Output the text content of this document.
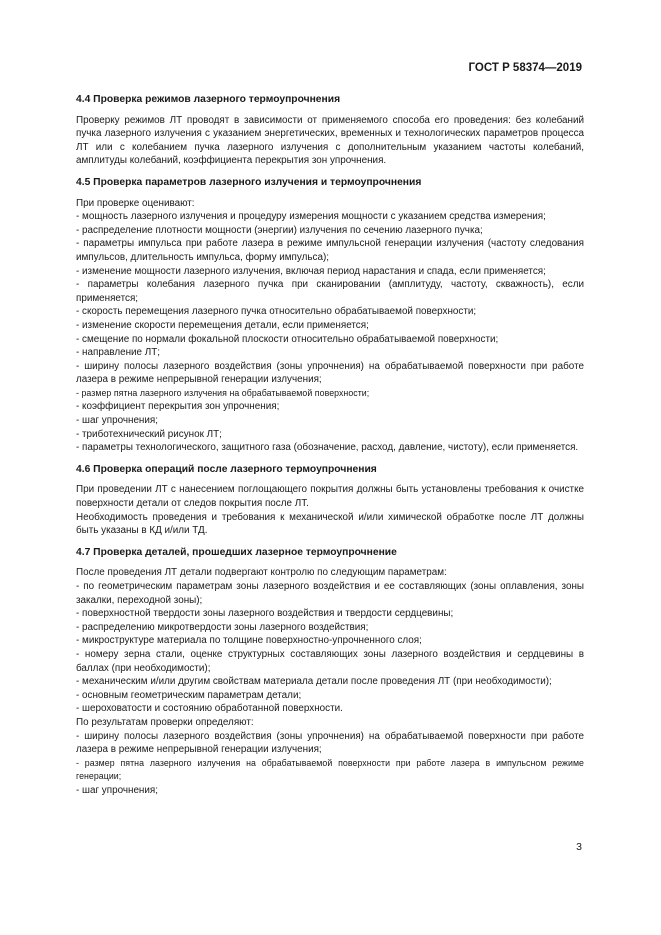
ГОСТ Р 58374—2019
4.4 Проверка режимов лазерного термоупрочнения

Проверку режимов ЛТ проводят в зависимости от применяемого способа его проведения: без колебаний пучка лазерного излучения с указанием энергетических, временных и технологических параметров процесса ЛТ или с колебанием пучка лазерного излучения с дополнительным указанием частоты колебаний, амплитуды колебаний, коэффициента перекрытия зон упрочнения.

4.5 Проверка параметров лазерного излучения и термоупрочнения

При проверке оценивают:

- мощность лазерного излучения и процедуру измерения мощности с указанием средства измерения;

- распределение плотности мощности (энергии) излучения по сечению лазерного пучка;

- параметры импульса при работе лазера в режиме импульсной генерации излучения (частоту следования импульсов, длительность импульса, форму импульса);

- изменение мощности лазерного излучения, включая период нарастания и спада, если применяется;

- параметры колебания лазерного пучка при сканировании (амплитуду, частоту, скважность), если применяется;

- скорость перемещения лазерного пучка относительно обрабатываемой поверхности;

- изменение скорости перемещения детали, если применяется;

- смещение по нормали фокальной плоскости относительно обрабатываемой поверхности;

- направление ЛТ;

- ширину полосы лазерного воздействия (зоны упрочнения) на обрабатываемой поверхности при работе лазера в режиме непрерывной генерации излучения;

- размер пятна лазерного излучения на обрабатываемой поверхности;

- коэффициент перекрытия зон упрочнения;

- шаг упрочнения;

- триботехнический рисунок ЛТ;

- параметры технологического, защитного газа (обозначение, расход, давление, чистоту), если применяется.

4.6 Проверка операций после лазерного термоупрочнения

При проведении ЛТ с нанесением поглощающего покрытия должны быть установлены требования к очистке поверхности детали от следов покрытия после ЛТ.

Необходимость проведения и требования к механической и/или химической обработке после ЛТ должны быть указаны в КД и/или ТД.

4.7 Проверка деталей, прошедших лазерное термоупрочнение

После проведения ЛТ детали подвергают контролю по следующим параметрам:

- по геометрическим параметрам зоны лазерного воздействия и ее составляющих (зоны оплавления, зоны закалки, переходной зоны);

- поверхностной твердости зоны лазерного воздействия и твердости сердцевины;

- распределению микротвердости зоны лазерного воздействия;

- микроструктуре материала по толщине поверхностно-упрочненного слоя;

- номеру зерна стали, оценке структурных составляющих зоны лазерного воздействия и сердцевины в баллах (при необходимости);

- механическим и/или другим свойствам материала детали после проведения ЛТ (при необходимости);

- основным геометрическим параметрам детали;

- шероховатости и состоянию обработанной поверхности.

По результатам проверки определяют:

- ширину полосы лазерного воздействия (зоны упрочнения) на обрабатываемой поверхности при работе лазера в режиме непрерывной генерации излучения;

- размер пятна лазерного излучения на обрабатываемой поверхности при работе лазера в импульсном режиме генерации;

- шаг упрочнения;

3
